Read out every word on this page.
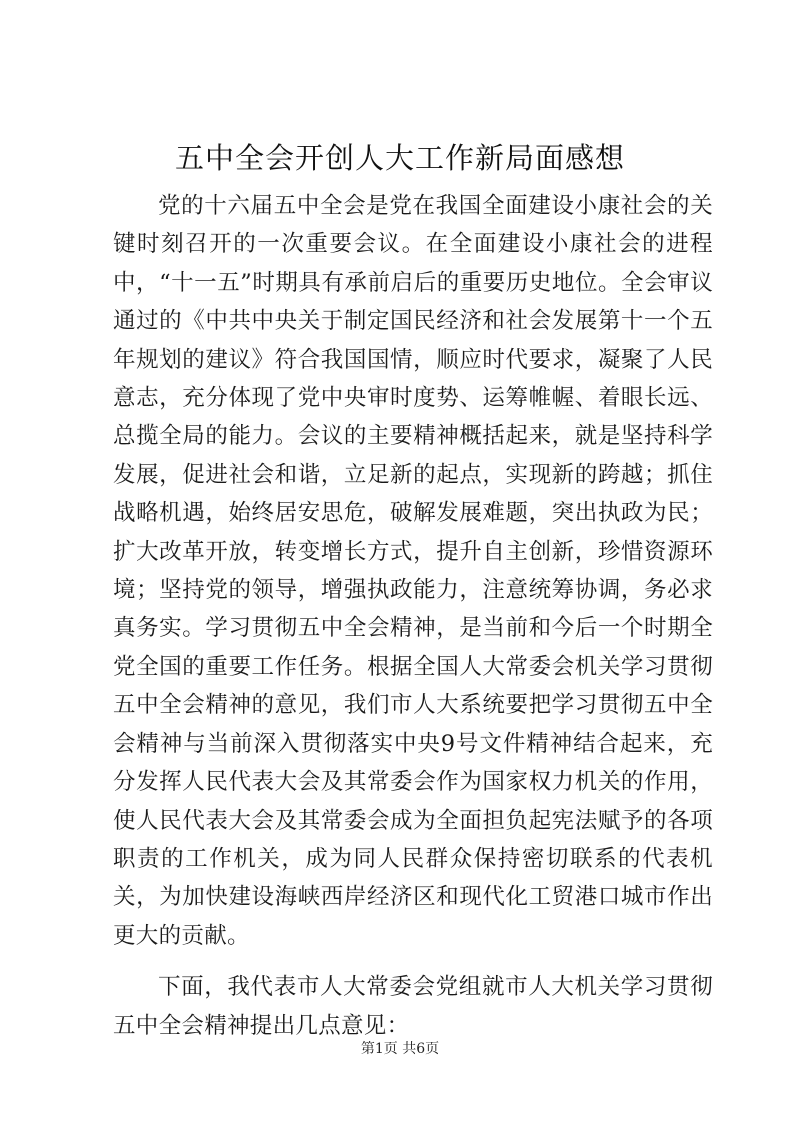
五中全会开创人大工作新局面感想

党的十六届五中全会是党在我国全面建设小康社会的关键时刻召开的一次重要会议。在全面建设小康社会的进程中，“十一五”时期具有承前启后的重要历史地位。全会审议通过的《中共中央关于制定国民经济和社会发展第十一个五年规划的建议》符合我国国情，顺应时代要求，凝聚了人民意志，充分体现了党中央审时度势、运筹帷幄、着眼长远、总揽全局的能力。会议的主要精神概括起来，就是坚持科学发展，促进社会和谐，立足新的起点，实现新的跨越；抓住战略机遇，始终居安思危，破解发展难题，突出执政为民；扩大改革开放，转变增长方式，提升自主创新，珍惜资源环境；坚持党的领导，增强执政能力，注意统筹协调，务必求真务实。学习贯彻五中全会精神，是当前和今后一个时期全党全国的重要工作任务。根据全国人大常委会机关学习贯彻五中全会精神的意见，我们市人大系统要把学习贯彻五中全会精神与当前深入贯彻落实中央9号文件精神结合起来，充分发挥人民代表大会及其常委会作为国家权力机关的作用，使人民代表大会及其常委会成为全面担负起宪法赋予的各项职责的工作机关，成为同人民群众保持密切联系的代表机关，为加快建设海峡西岸经济区和现代化工贸港口城市作出更大的贡献。

下面，我代表市人大常委会党组就市人大机关学习贯彻五中全会精神提出几点意见：

第1页 共6页
